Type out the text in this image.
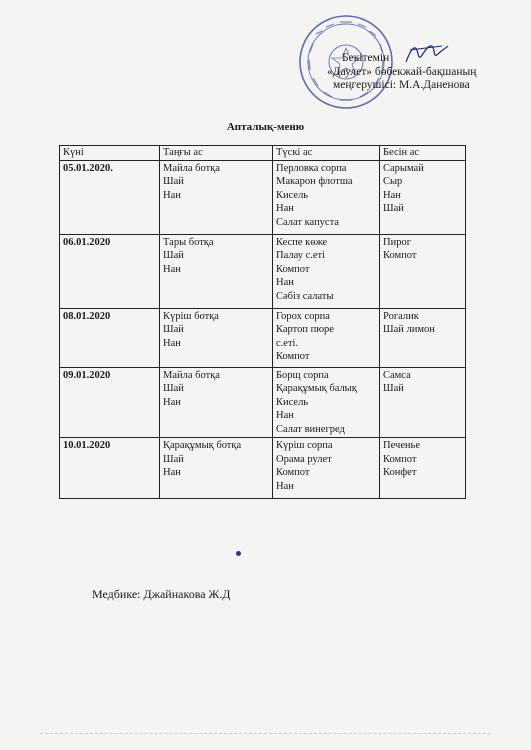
Бекітемін
«Даулет» бөбекжай-бақшаның
меңгерушісі: М.А.Даненова
Апталық-меню
Күні	Таңғы ас	Түскі ас	Бесін ас
05.01.2020.	Майла ботқа
Шай
Нан	Перловка сорпа
Макарон флотша
Кисель
Нан
Салат капуста	Сарымай
Сыр
Нан
Шай

06.01.2020	Тары ботқа
Шай
Нан	Кеспе көже
Палау с.еті
Компот
Нан
Сәбіз салаты	Пирог
Компот

08.01.2020	Күріш ботқа
Шай
Нан	Горох сорпа
Картоп пюре
с.еті.
Компот	Рогалик
Шай лимон

09.01.2020	Майла ботқа
Шай
Нан	Борщ сорпа
Қарақұмық балық
Кисель
Нан
Салат винегред	Самса
Шай

10.01.2020	Қарақұмық ботқа
Шай
Нан	Күріш сорпа
Орама рулет
Компот
Нан	Печенье
Компот
Конфет
Медбике: Джайнакова Ж.Д
